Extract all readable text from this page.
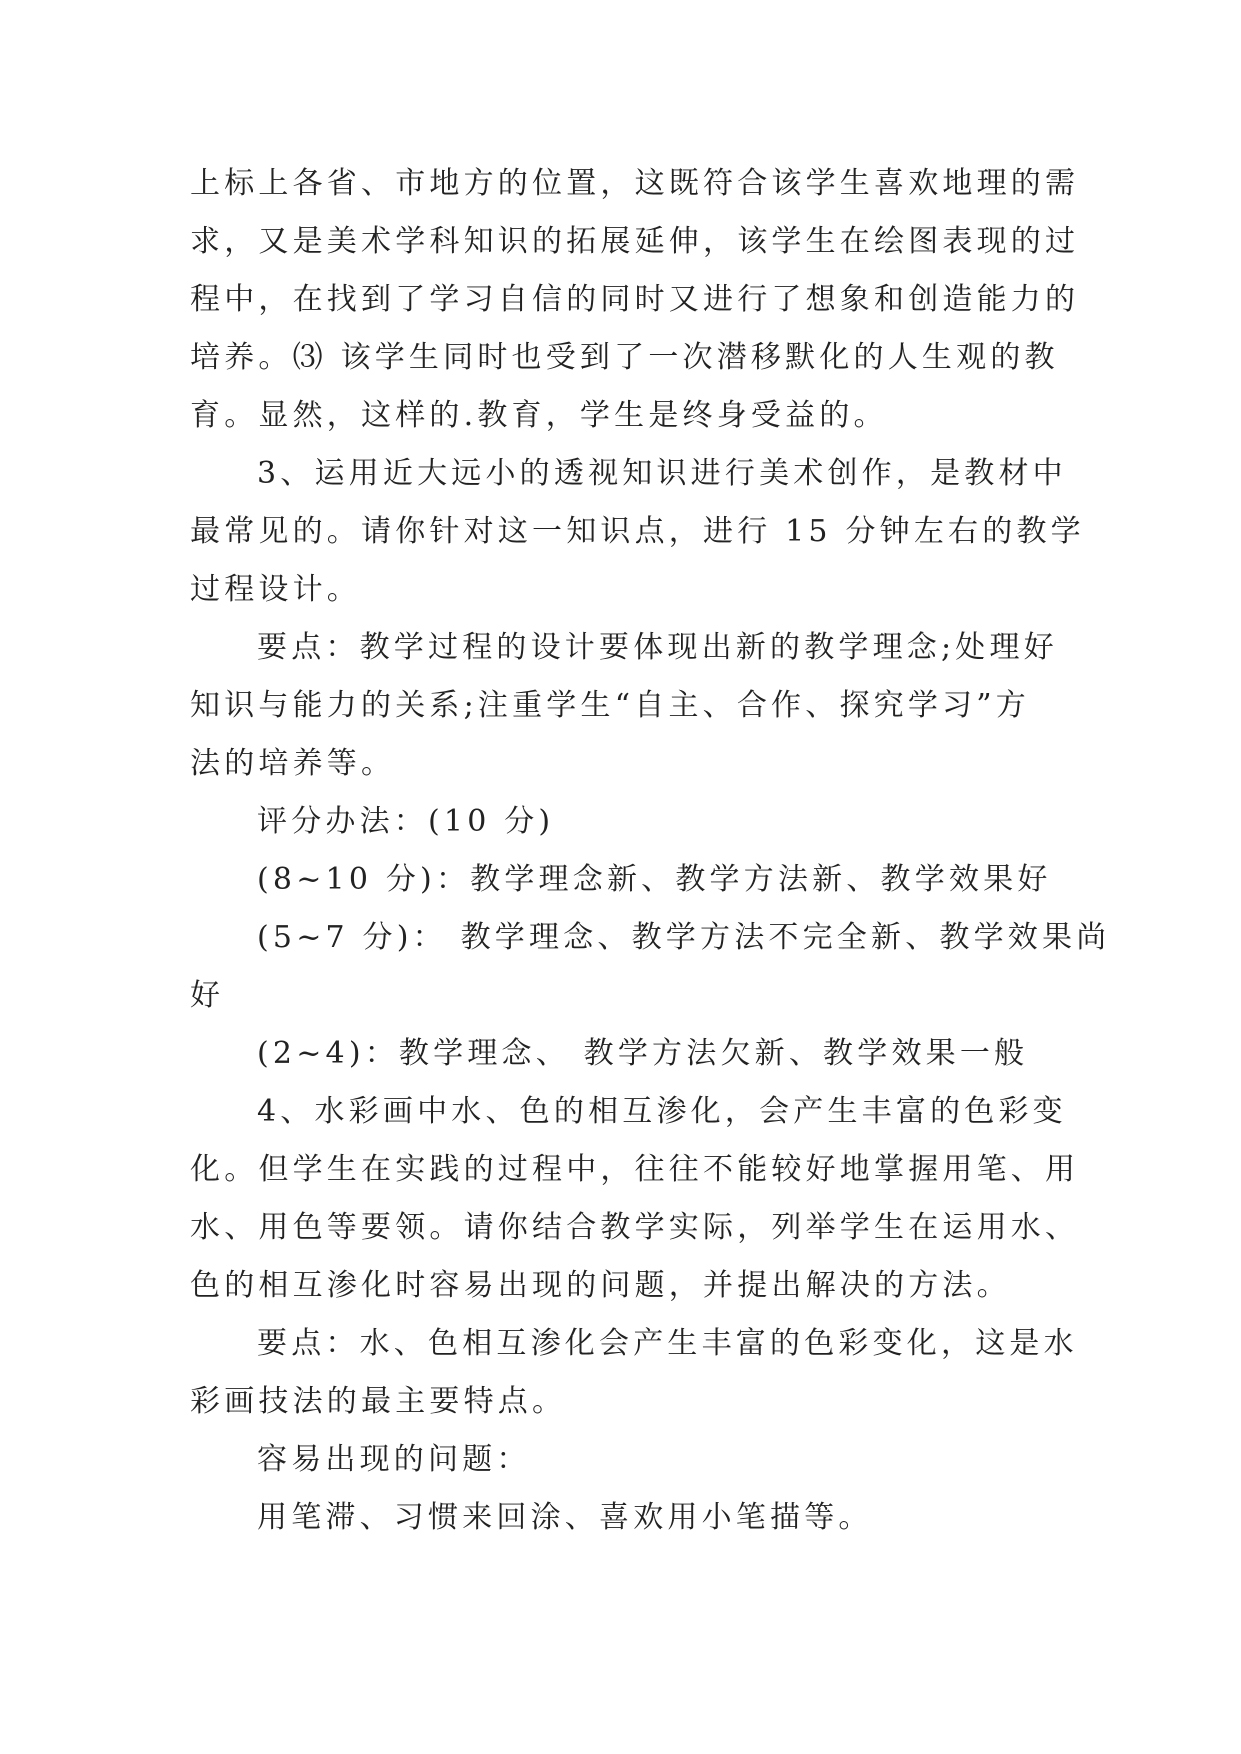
上标上各省、市地方的位置，这既符合该学生喜欢地理的需
求，又是美术学科知识的拓展延伸，该学生在绘图表现的过
程中，在找到了学习自信的同时又进行了想象和创造能力的
培养。⑶ 该学生同时也受到了一次潜移默化的人生观的教
育。显然，这样的.教育，学生是终身受益的。
3、运用近大远小的透视知识进行美术创作，是教材中
最常见的。请你针对这一知识点，进行 15 分钟左右的教学
过程设计。
要点：教学过程的设计要体现出新的教学理念;处理好
知识与能力的关系;注重学生“自主、合作、探究学习”方
法的培养等。
评分办法：(10 分)
(8~10 分)：教学理念新、教学方法新、教学效果好
(5~7 分)： 教学理念、教学方法不完全新、教学效果尚
好
(2~4)：教学理念、 教学方法欠新、教学效果一般
4、水彩画中水、色的相互渗化，会产生丰富的色彩变
化。但学生在实践的过程中，往往不能较好地掌握用笔、用
水、用色等要领。请你结合教学实际，列举学生在运用水、
色的相互渗化时容易出现的问题，并提出解决的方法。
要点：水、色相互渗化会产生丰富的色彩变化，这是水
彩画技法的最主要特点。
容易出现的问题：
用笔滞、习惯来回涂、喜欢用小笔描等。
